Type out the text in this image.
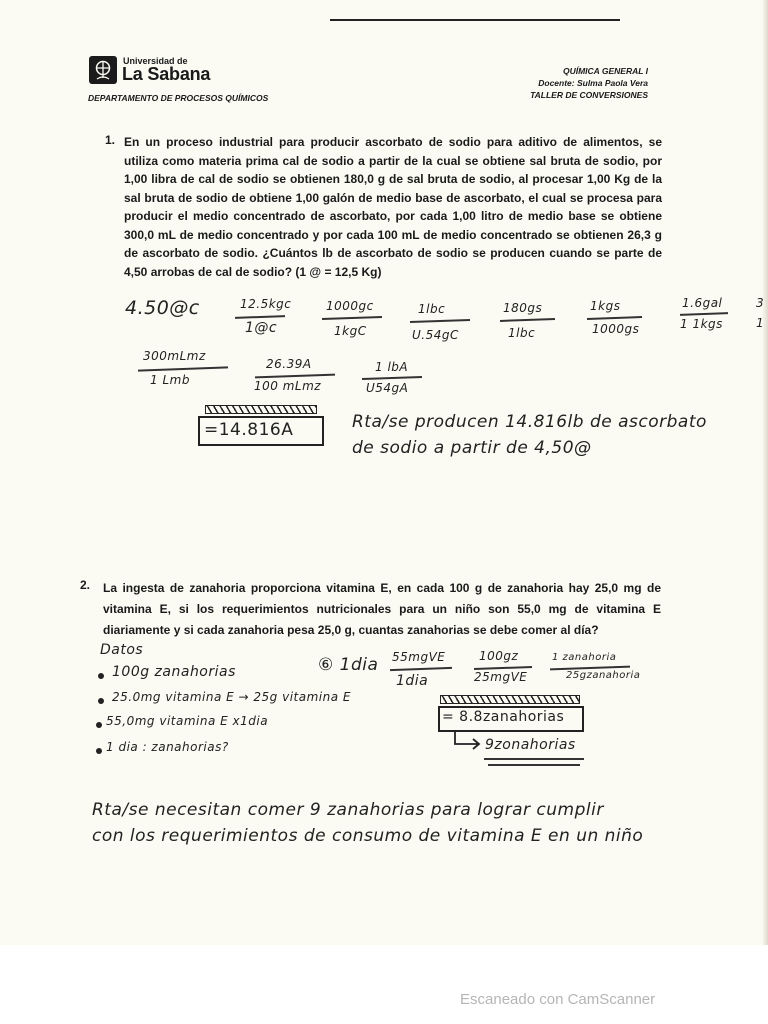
Universidad de
La Sabana
DEPARTAMENTO DE PROCESOS QUÍMICOS
QUÍMICA GENERAL I
Docente: Sulma Paola Vera
TALLER DE CONVERSIONES
1. En un proceso industrial para producir ascorbato de sodio para aditivo de alimentos, se utiliza como materia prima cal de sodio a partir de la cual se obtiene sal bruta de sodio, por 1,00 libra de cal de sodio se obtienen 180,0 g de sal bruta de sodio, al procesar 1,00 Kg de la sal bruta de sodio de obtiene 1,00 galón de medio base de ascorbato, el cual se procesa para producir el medio concentrado de ascorbato, por cada 1,00 litro de medio base se obtiene 300,0 mL de medio concentrado y por cada 100 mL de medio concentrado se obtienen 26,3 g de ascorbato de sodio. ¿Cuántos lb de ascorbato de sodio se producen cuando se parte de 4,50 arrobas de cal de sodio? (1 @ = 12,5 Kg)
4.50@c	12.5kgc
1@c
1000gc
1kgC
1lbc
U.54gC
180gs
1lbc
1kgs
1000gs
1.6gal
1 1kgs
3
1
300mLmz
1 Lmb
26.39A
100 mLmz
1 lbA
U54gA
=14.816A	Rta/se producen 14.816lb de ascorbato
de sodio a partir de 4,50@
2. La ingesta de zanahoria proporciona vitamina E, en cada 100 g de zanahoria hay 25,0 mg de vitamina E, si los requerimientos nutricionales para un niño son 55,0 mg de vitamina E diariamente y si cada zanahoria pesa 25,0 g, cuantas zanahorias se debe comer al día?
Datos
100g zanahorias
25.0mg vitamina E → 25g vitamina E
55,0mg vitamina E x1dia
1 dia : zanahorias?
⑥ 1dia 55mgVE
1dia
100gz
25mgVE
1 zanahoria
25gzanahoria
= 8.8zanahorias
9zonahorias
Rta/se necesitan comer 9 zanahorias para lograr cumplir
con los requerimientos de consumo de vitamina E en un niño
Escaneado con CamScanner
